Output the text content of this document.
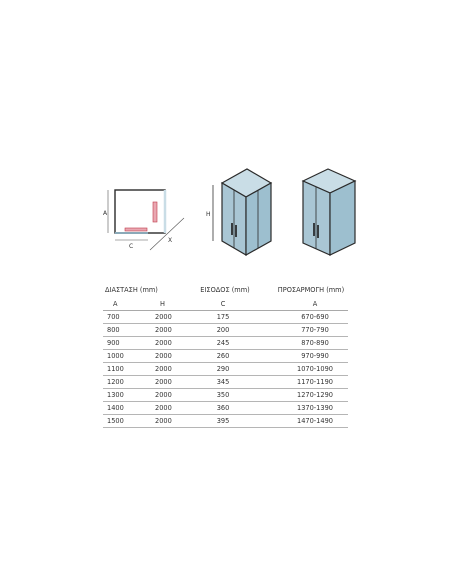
A
C
X
H
ΔΙΑΣΤΑΣΗ (mm)	ΕΙΣΟΔΟΣ (mm)	ΠΡΟΣΑΡΜΟΓΗ (mm)
A	H	C	A
700	2000	175	670-690
800	2000	200	770-790
900	2000	245	870-890
1000	2000	260	970-990
1100	2000	290	1070-1090
1200	2000	345	1170-1190
1300	2000	350	1270-1290
1400	2000	360	1370-1390
1500	2000	395	1470-1490
